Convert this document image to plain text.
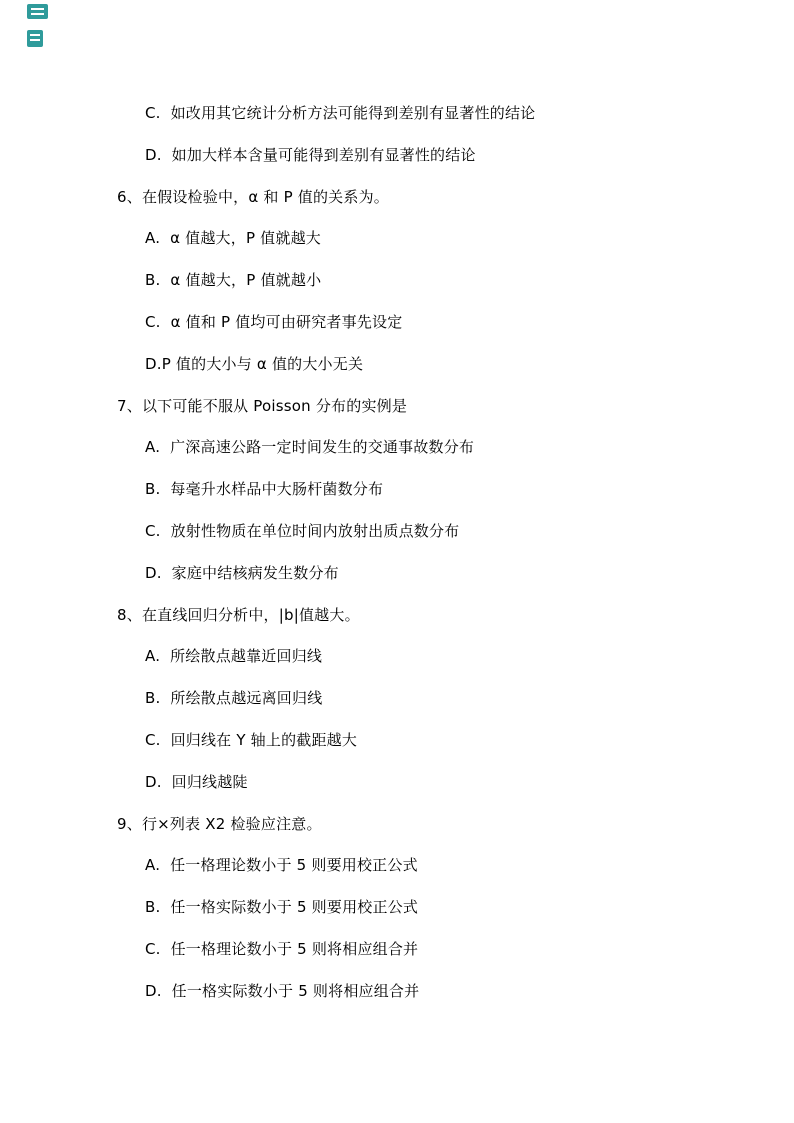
C.  如改用其它统计分析方法可能得到差别有显著性的结论
D.  如加大样本含量可能得到差别有显著性的结论
6、在假设检验中，α 和 P 值的关系为。
A.  α 值越大，P 值就越大
B.  α 值越大，P 值就越小
C.  α 值和 P 值均可由研究者事先设定
D.P 值的大小与 α 值的大小无关
7、以下可能不服从 Poisson 分布的实例是
A.  广深高速公路一定时间发生的交通事故数分布
B.  每毫升水样品中大肠杆菌数分布
C.  放射性物质在单位时间内放射出质点数分布
D.  家庭中结核病发生数分布
8、在直线回归分析中，|b|值越大。
A.  所绘散点越靠近回归线
B.  所绘散点越远离回归线
C.  回归线在 Y 轴上的截距越大
D.  回归线越陡
9、行×列表 Χ2 检验应注意。
A.  任一格理论数小于 5 则要用校正公式
B.  任一格实际数小于 5 则要用校正公式
C.  任一格理论数小于 5 则将相应组合并
D.  任一格实际数小于 5 则将相应组合并
